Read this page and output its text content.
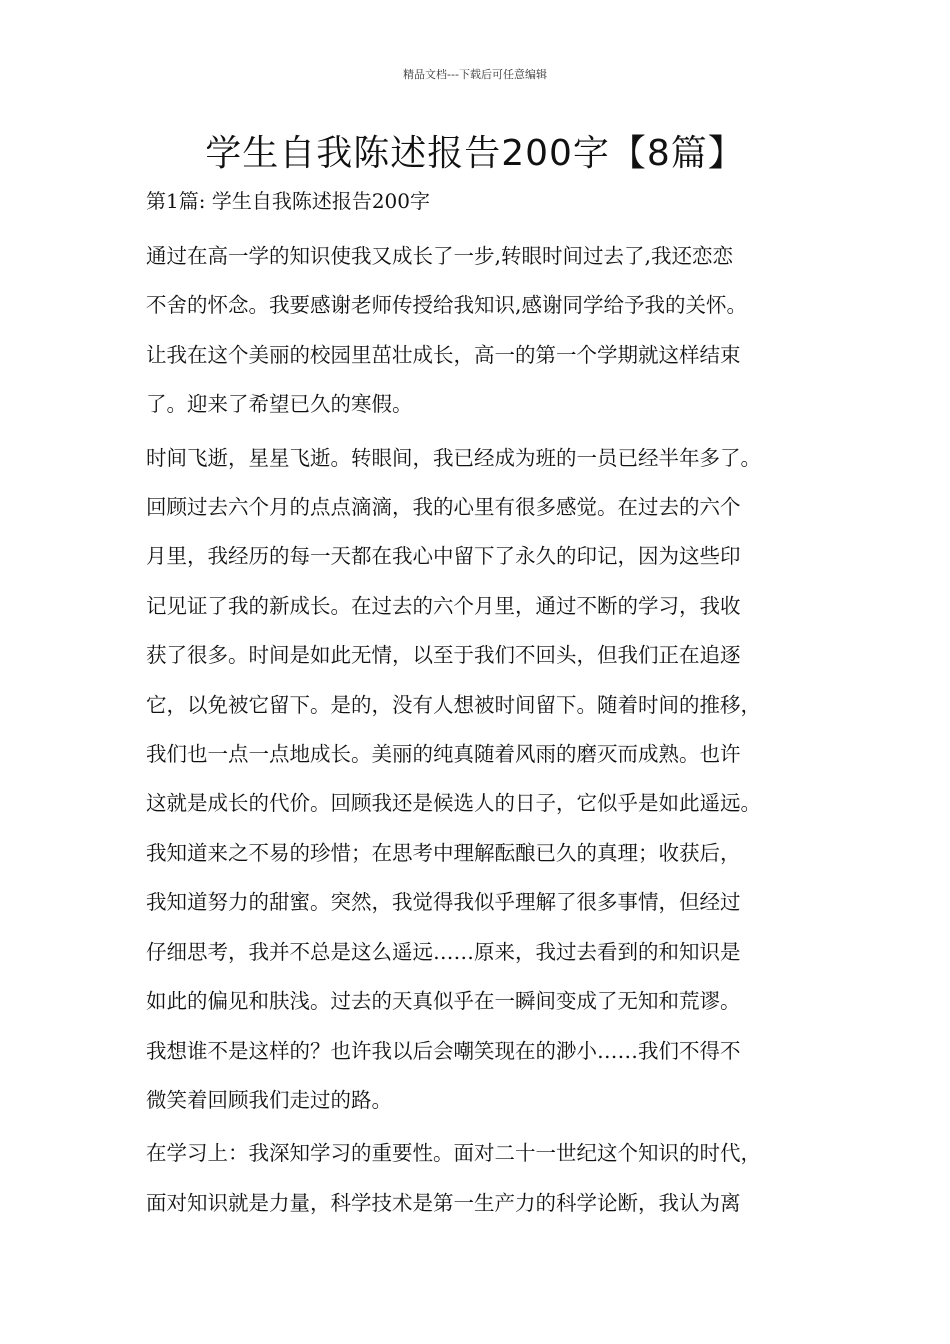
精品文档---下载后可任意编辑
学生自我陈述报告200字【8篇】
第1篇: 学生自我陈述报告200字

通过在高一学的知识使我又成长了一步,转眼时间过去了,我还恋恋
不舍的怀念。我要感谢老师传授给我知识,感谢同学给予我的关怀。
让我在这个美丽的校园里茁壮成长，高一的第一个学期就这样结束
了。迎来了希望已久的寒假。

时间飞逝，星星飞逝。转眼间，我已经成为班的一员已经半年多了。
回顾过去六个月的点点滴滴，我的心里有很多感觉。在过去的六个
月里，我经历的每一天都在我心中留下了永久的印记，因为这些印
记见证了我的新成长。在过去的六个月里，通过不断的学习，我收
获了很多。时间是如此无情，以至于我们不回头，但我们正在追逐
它，以免被它留下。是的，没有人想被时间留下。随着时间的推移，
我们也一点一点地成长。美丽的纯真随着风雨的磨灭而成熟。也许
这就是成长的代价。回顾我还是候选人的日子，它似乎是如此遥远。
我知道来之不易的珍惜；在思考中理解酝酿已久的真理；收获后，
我知道努力的甜蜜。突然，我觉得我似乎理解了很多事情，但经过
仔细思考，我并不总是这么遥远……原来，我过去看到的和知识是
如此的偏见和肤浅。过去的天真似乎在一瞬间变成了无知和荒谬。
我想谁不是这样的？也许我以后会嘲笑现在的渺小……我们不得不
微笑着回顾我们走过的路。

在学习上：我深知学习的重要性。面对二十一世纪这个知识的时代，
面对知识就是力量，科学技术是第一生产力的科学论断，我认为离
